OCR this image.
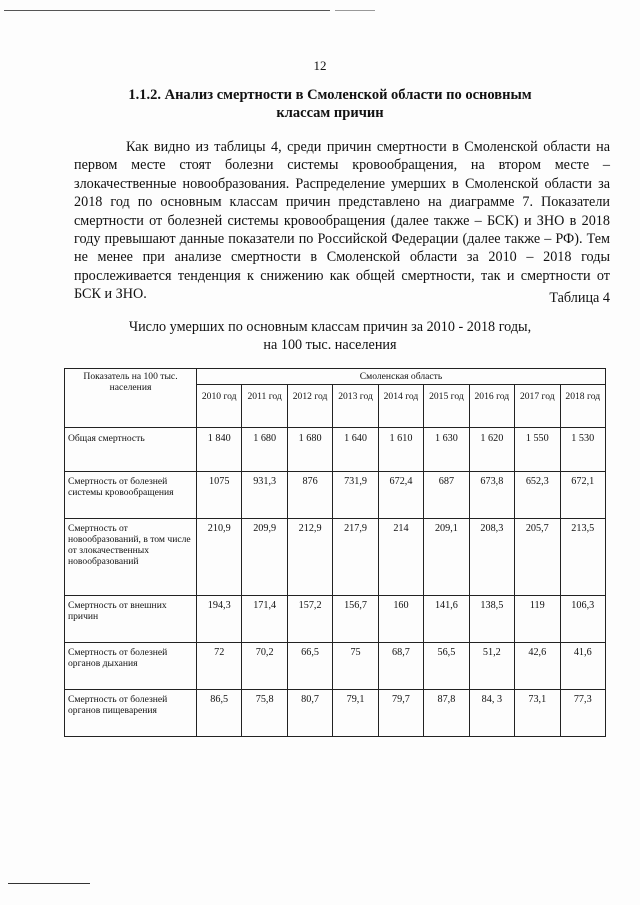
12
1.1.2. Анализ смертности в Смоленской области по основным классам причин

Как видно из таблицы 4, среди причин смертности в Смоленской области на первом месте стоят болезни системы кровообращения, на втором месте – злокачественные новообразования. Распределение умерших в Смоленской области за 2018 год по основным классам причин представлено на диаграмме 7. Показатели смертности от болезней системы кровообращения (далее также – БСК) и ЗНО в 2018 году превышают данные показатели по Российской Федерации (далее также – РФ). Тем не менее при анализе смертности в Смоленской области за 2010 – 2018 годы прослеживается тенденция к снижению как общей смертности, так и смертности от БСК и ЗНО.	Таблица 4
Число умерших по основным классам причин за 2010 - 2018 годы,
на 100 тыс. населения
Показатель на 100 тыс. населения	Смоленская область								
	2010 год	2011 год	2012 год	2013 год	2014 год	2015 год	2016 год	2017 год	2018 год
Общая смертность	1 840	1 680	1 680	1 640	1 610	1 630	1 620	1 550	1 530
Смертность от болезней системы кровообращения	1075	931,3	876	731,9	672,4	687	673,8	652,3	672,1
Смертность от новообразований, в том числе от злокачественных новообразований	210,9	209,9	212,9	217,9	214	209,1	208,3	205,7	213,5
Смертность от внешних причин	194,3	171,4	157,2	156,7	160	141,6	138,5	119	106,3
Смертность от болезней органов дыхания	72	70,2	66,5	75	68,7	56,5	51,2	42,6	41,6
Смертность от болезней органов пищеварения	86,5	75,8	80,7	79,1	79,7	87,8	84, 3	73,1	77,3
